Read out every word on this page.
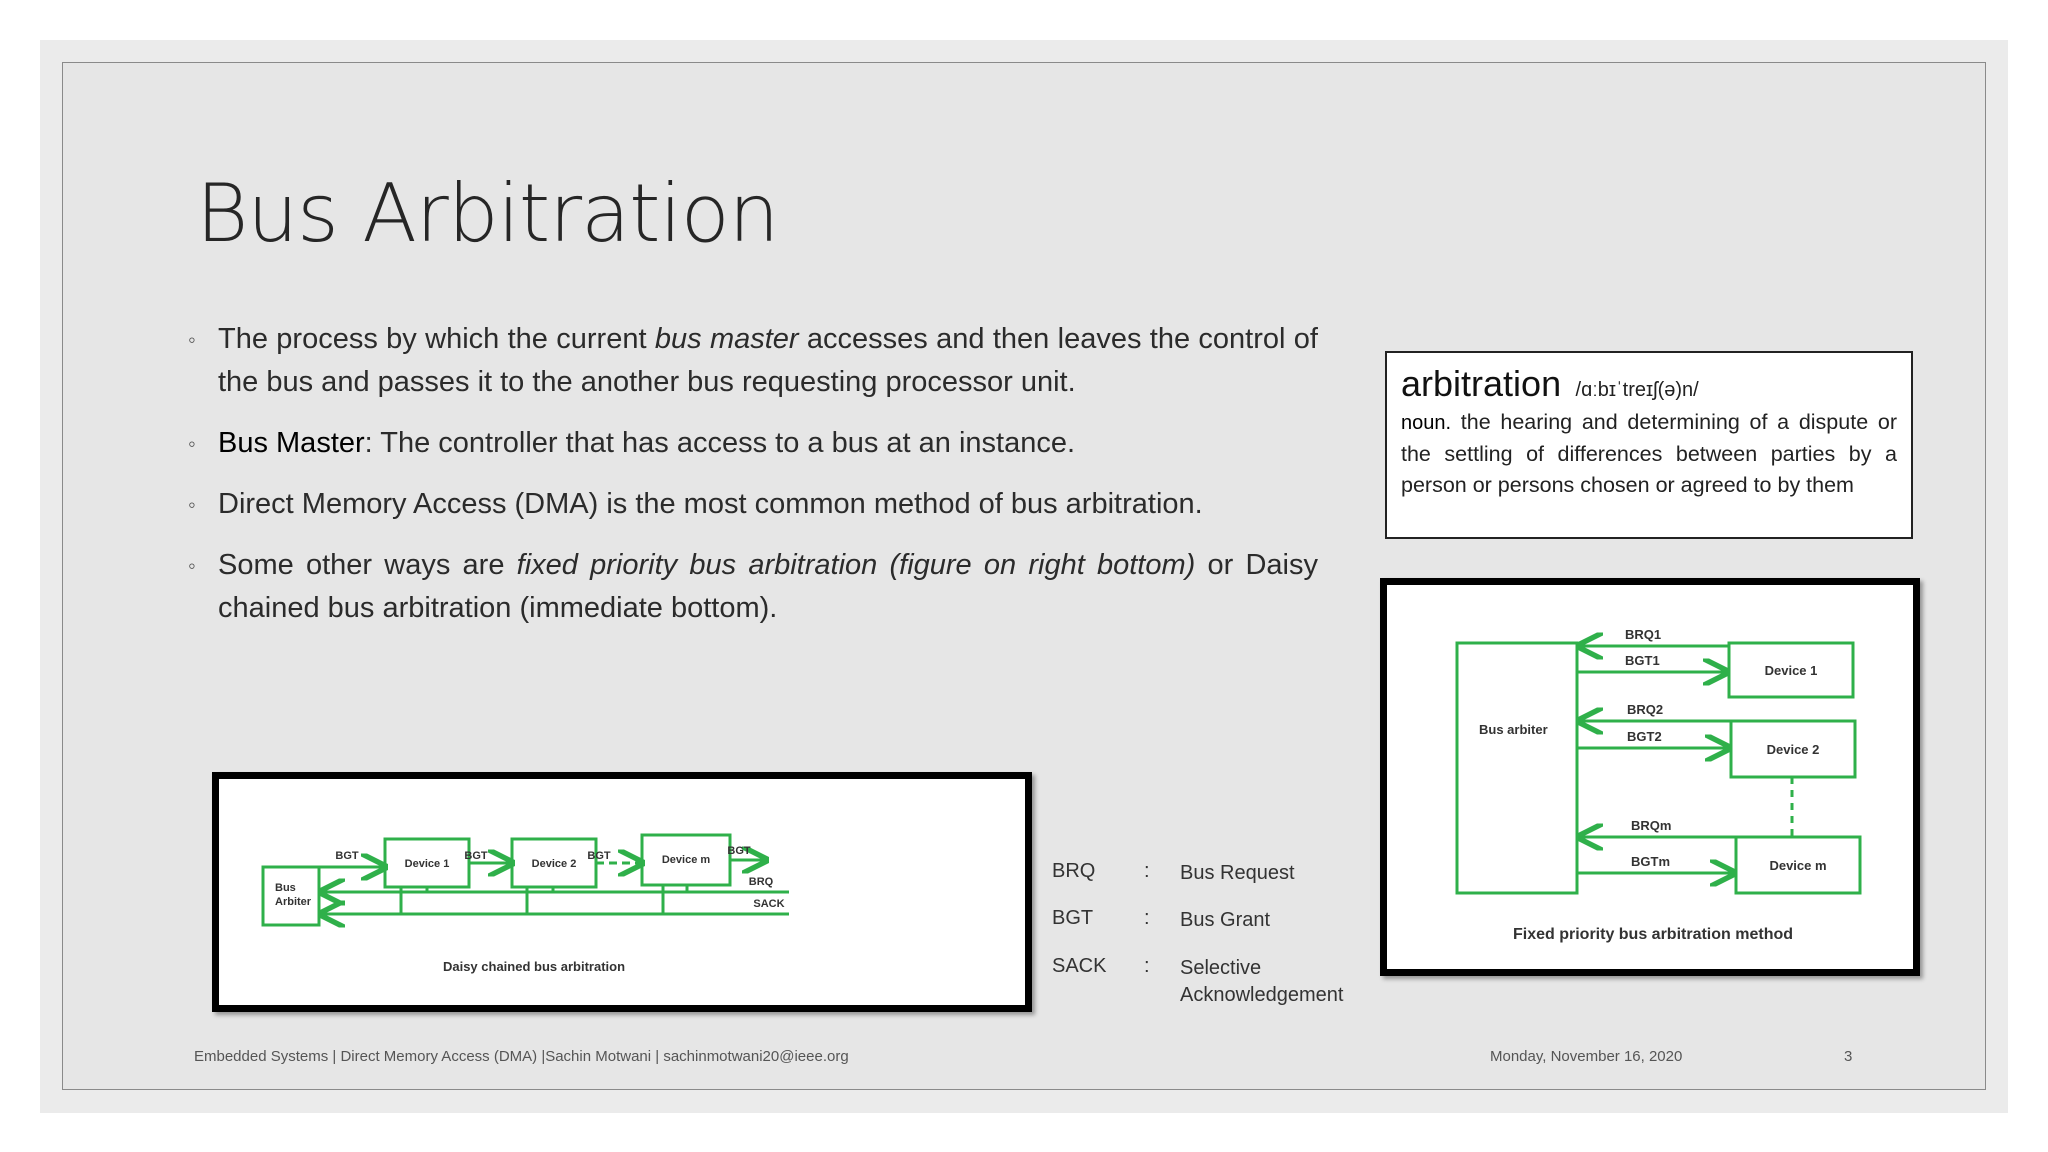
Bus Arbitration
◦ The process by which the current bus master accesses and then leaves the control of the bus and passes it to the another bus requesting processor unit.
◦ Bus Master: The controller that has access to a bus at an instance.
◦ Direct Memory Access (DMA) is the most common method of bus arbitration.
◦ Some other ways are fixed priority bus arbitration (figure on right bottom) or Daisy chained bus arbitration (immediate bottom).
arbitration /ɑːbɪˈtreɪʃ(ə)n/
noun. the hearing and determining of a dispute or the settling of differences between parties by a person or persons chosen or agreed to by them
Bus Arbiter
Device 1	Device 2	Device m
BGT	BGT	BGT	BGT
BRQ
SACK
Daisy chained bus arbitration
BRQ : Bus Request
BGT	: Bus Grant
SACK : Selective Acknowledgement
Bus arbiter
Device 1
Device 2
Device m
BRQ1
BGT1
BRQ2
BGT2
BRQm
BGTm
Fixed priority bus arbitration method
Embedded Systems | Direct Memory Access (DMA) |Sachin Motwani | sachinmotwani20@ieee.org	Monday, November 16, 2020	3
